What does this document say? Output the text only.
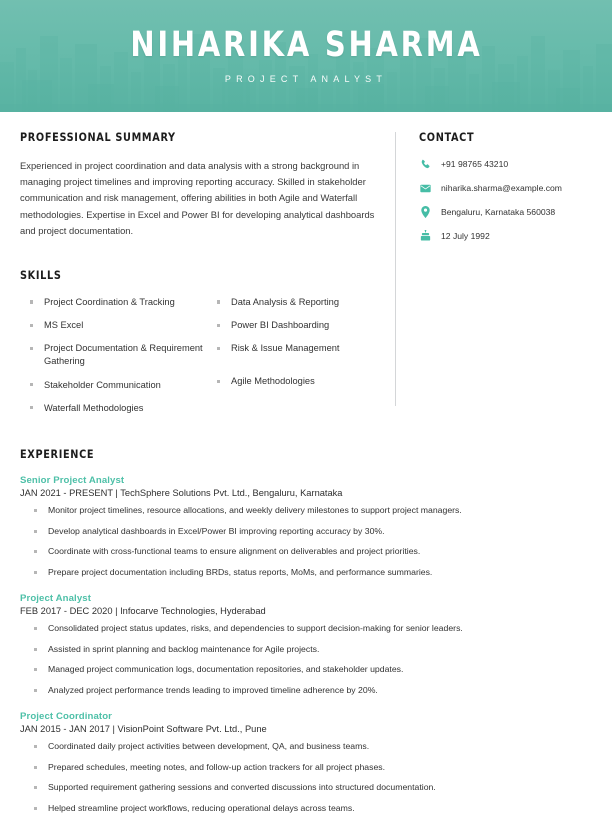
NIHARIKA SHARMA
PROJECT ANALYST
PROFESSIONAL SUMMARY

Experienced in project coordination and data analysis with a strong background in managing project timelines and improving reporting accuracy. Skilled in stakeholder communication and risk management, offering abilities in both Agile and Waterfall methodologies. Expertise in Excel and Power BI for developing analytical dashboards and project documentation.

SKILLS
Project Coordination & Tracking
MS Excel
Project Documentation & Requirement Gathering
Stakeholder Communication
Waterfall Methodologies
Data Analysis & Reporting
Power BI Dashboarding
Risk & Issue Management
Agile Methodologies
CONTACT
+91 98765 43210
niharika.sharma@example.com
Bengaluru, Karnataka 560038
12 July 1992
EXPERIENCE
Senior Project Analyst
JAN 2021 - PRESENT | TechSphere Solutions Pvt. Ltd., Bengaluru, Karnataka
Monitor project timelines, resource allocations, and weekly delivery milestones to support project managers.
Develop analytical dashboards in Excel/Power BI improving reporting accuracy by 30%.
Coordinate with cross-functional teams to ensure alignment on deliverables and project priorities.
Prepare project documentation including BRDs, status reports, MoMs, and performance summaries.
Project Analyst
FEB 2017 - DEC 2020 | Infocarve Technologies, Hyderabad
Consolidated project status updates, risks, and dependencies to support decision-making for senior leaders.
Assisted in sprint planning and backlog maintenance for Agile projects.
Managed project communication logs, documentation repositories, and stakeholder updates.
Analyzed project performance trends leading to improved timeline adherence by 20%.
Project Coordinator
JAN 2015 - JAN 2017 | VisionPoint Software Pvt. Ltd., Pune
Coordinated daily project activities between development, QA, and business teams.
Prepared schedules, meeting notes, and follow-up action trackers for all project phases.
Supported requirement gathering sessions and converted discussions into structured documentation.
Helped streamline project workflows, reducing operational delays across teams.
